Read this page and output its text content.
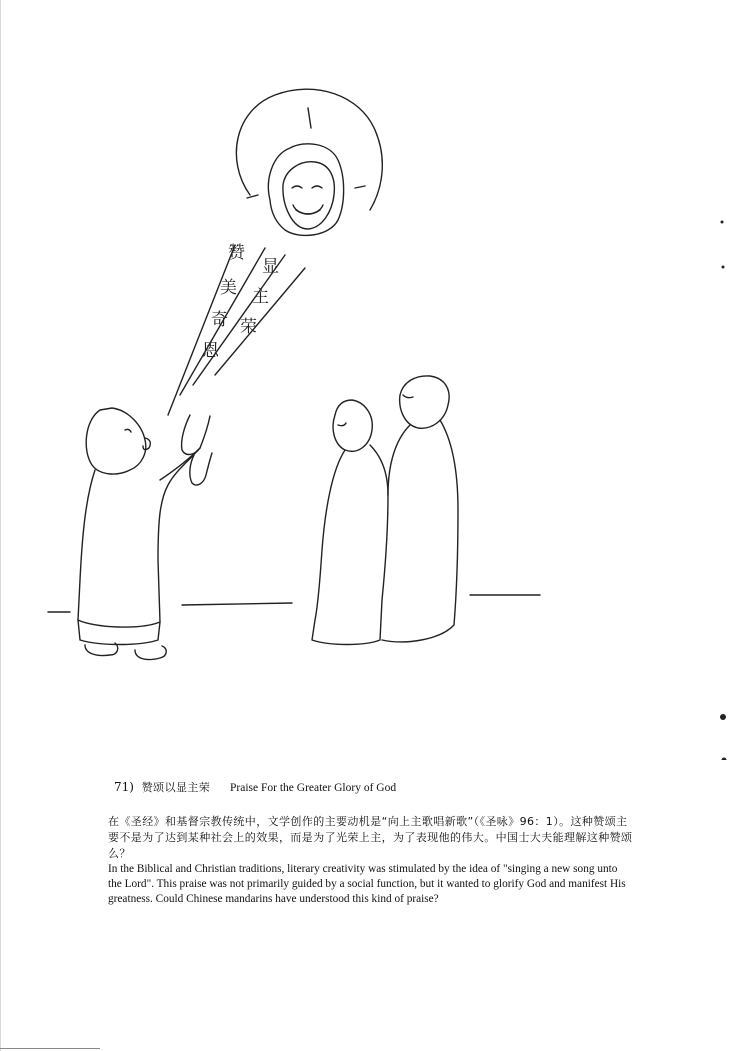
赞
美
奇
恩
显
主
荣
71) 赞颂以显主荣 Praise For the Greater Glory of God
在《圣经》和基督宗教传统中，文学创作的主要动机是“向上主歌唱新歌”（《圣咏》96：1）。这种赞颂主要不是为了达到某种社会上的效果，而是为了光荣上主，为了表现他的伟大。中国士大夫能理解这种赞颂么？
In the Biblical and Christian traditions, literary creativity was stimulated by the idea of "singing a new song unto the Lord". This praise was not primarily guided by a social function, but it wanted to glorify God and manifest His greatness. Could Chinese mandarins have understood this kind of praise?
